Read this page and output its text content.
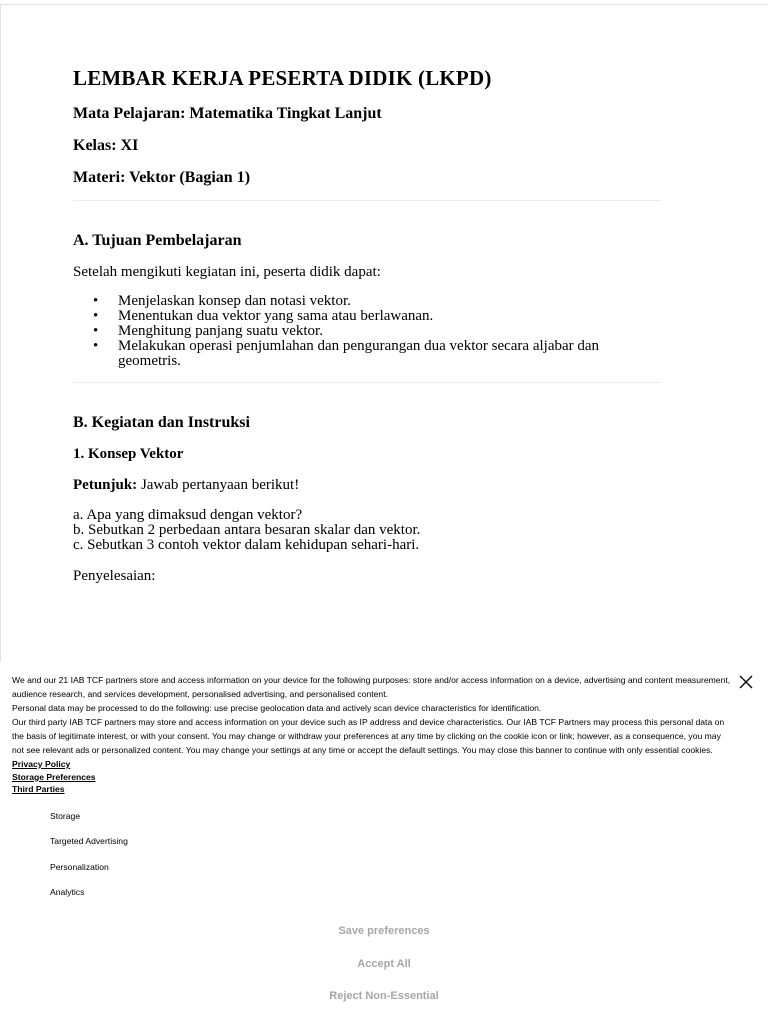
LEMBAR KERJA PESERTA DIDIK (LKPD)
Mata Pelajaran: Matematika Tingkat Lanjut
Kelas: XI
Materi: Vektor (Bagian 1)
A. Tujuan Pembelajaran
Setelah mengikuti kegiatan ini, peserta didik dapat:
• Menjelaskan konsep dan notasi vektor.
• Menentukan dua vektor yang sama atau berlawanan.
• Menghitung panjang suatu vektor.
• Melakukan operasi penjumlahan dan pengurangan dua vektor secara aljabar dan geometris.
B. Kegiatan dan Instruksi
1. Konsep Vektor
Petunjuk: Jawab pertanyaan berikut!
a. Apa yang dimaksud dengan vektor?
b. Sebutkan 2 perbedaan antara besaran skalar dan vektor.
c. Sebutkan 3 contoh vektor dalam kehidupan sehari-hari.
Penyelesaian:

We and our 21 IAB TCF partners store and access information on your device for the following purposes: store and/or access information on a device, advertising and content measurement, audience research, and services development, personalised advertising, and personalised content.

Personal data may be processed to do the following: use precise geolocation data and actively scan device characteristics for identification.

Our third party IAB TCF partners may store and access information on your device such as IP address and device characteristics. Our IAB TCF Partners may process this personal data on the basis of legitimate interest, or with your consent. You may change or withdraw your preferences at any time by clicking on the cookie icon or link; however, as a consequence, you may not see relevant ads or personalized content. You may change your settings at any time or accept the default settings. You may close this banner to continue with only essential cookies. Privacy Policy

Storage Preferences
Third Parties
Storage
Targeted Advertising
Personalization
Analytics
Save preferences
Accept All
Reject Non-Essential
